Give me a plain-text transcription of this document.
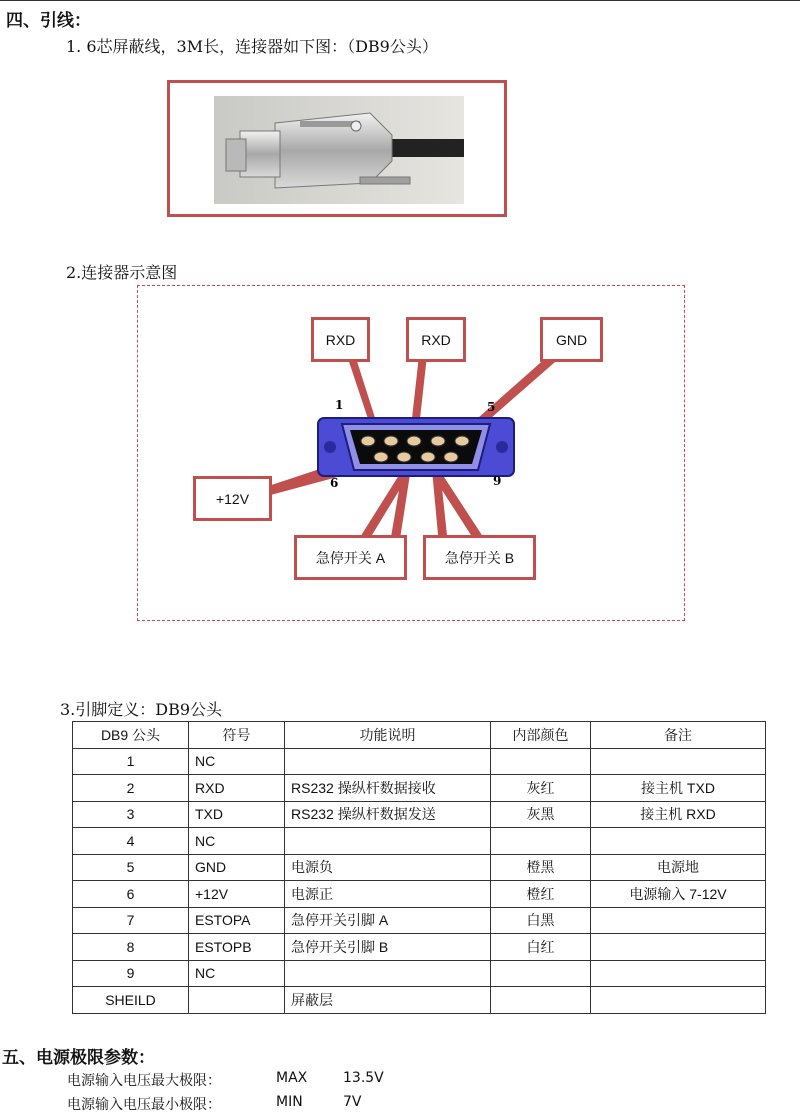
四、引线：
1. 6芯屏蔽线，3M长，连接器如下图：（DB9公头）
2.连接器示意图
1	5
6	9
RXD	RXD	GND
+12V
急停开关 A	急停开关 B
3.引脚定义：DB9公头
DB9 公头	符号	功能说明	内部颜色	备注
1	NC			
2	RXD	RS232 操纵杆数据接收	灰红	接主机 TXD
3	TXD	RS232 操纵杆数据发送	灰黑	接主机 RXD
4	NC			
5	GND	电源负	橙黑	电源地
6	+12V	电源正	橙红	电源输入 7-12V
7	ESTOPA	急停开关引脚 A	白黑	
8	ESTOPB	急停开关引脚 B	白红	
9	NC			
SHEILD		屏蔽层		
五、电源极限参数：
电源输入电压最大极限：	MAX	13.5V
电源输入电压最小极限：	MIN	7V
